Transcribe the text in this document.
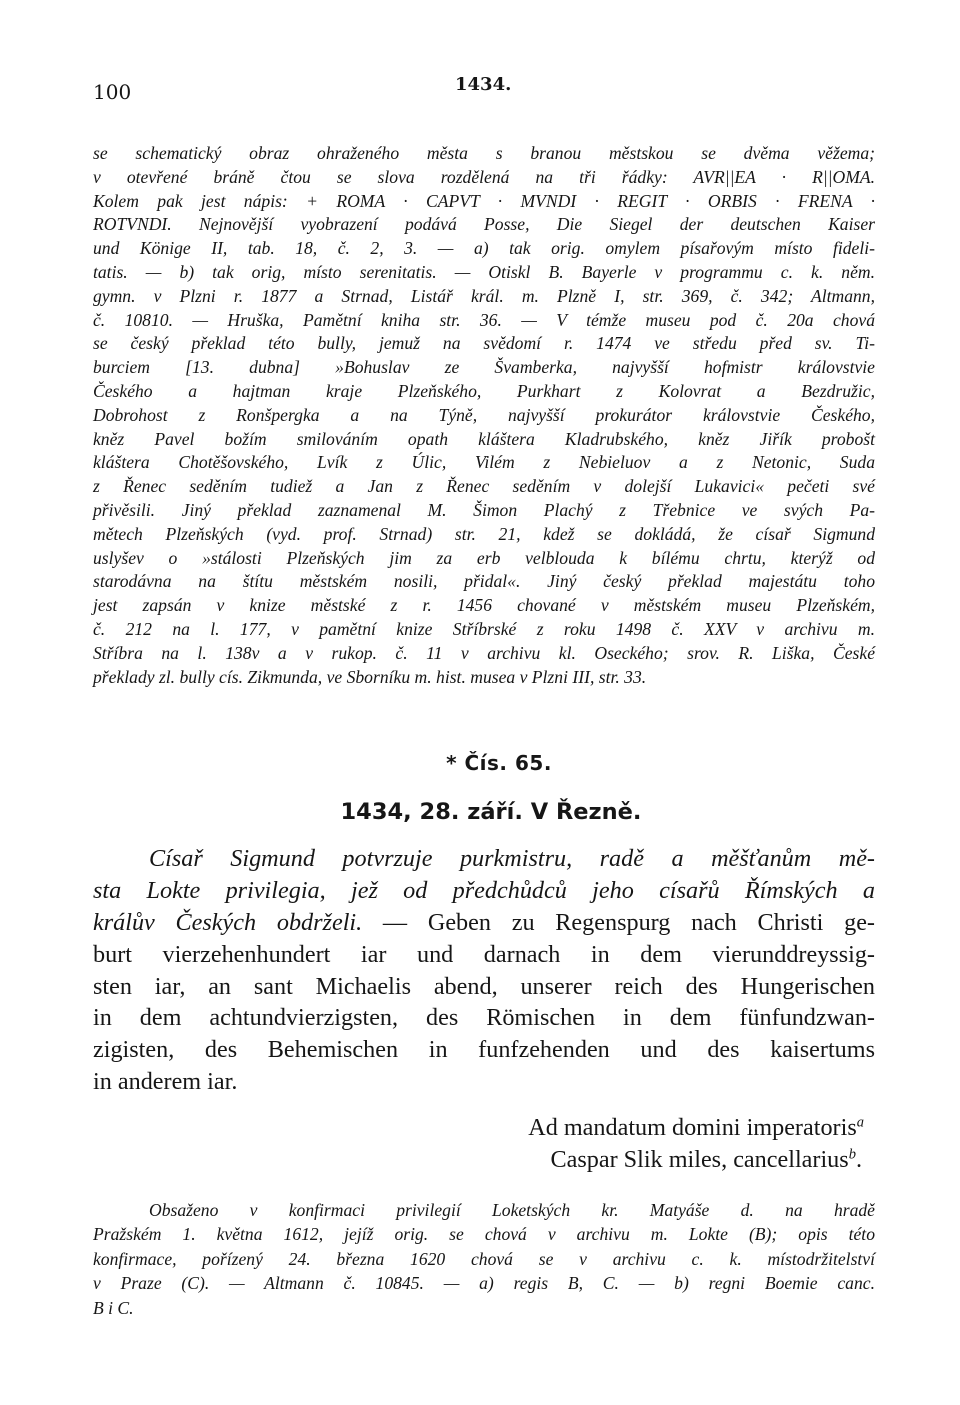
100	1434.
se schematický obraz ohraženého města s branou městskou se dvěma věžema;
v otevřené bráně čtou se slova rozdělená na tři řádky: AVR||EA · R||OMA.
Kolem pak jest nápis: + ROMA · CAPVT · MVNDI · REGIT · ORBIS · FRENA ·
ROTVNDI. Nejnovější vyobrazení podává Posse, Die Siegel der deutschen Kaiser
und Könige II, tab. 18, č. 2, 3. — a) tak orig. omylem písařovým místo fideli-
tatis. — b) tak orig, místo serenitatis. — Otiskl B. Bayerle v programmu c. k. něm.
gymn. v Plzni r. 1877 a Strnad, Listář král. m. Plzně I, str. 369, č. 342; Altmann,
č. 10810. — Hruška, Pamětní kniha str. 36. — V témže museu pod č. 20a chová
se český překlad této bully, jemuž na svědomí r. 1474 ve středu před sv. Ti-
burciem [13. dubna] »Bohuslav ze Švamberka, najvyšší hofmistr královstvie
Českého a hajtman kraje Plzeňského, Purkhart z Kolovrat a Bezdružic,
Dobrohost z Ronšpergka a na Týně, najvyšší prokurátor královstvie Českého,
kněz Pavel božím smilováním opath kláštera Kladrubského, kněz Jiřík probošt
kláštera Chotěšovského, Lvík z Úlic, Vilém z Nebieluov a z Netonic, Suda
z Řenec seděním tudiež a Jan z Řenec seděním v dolejší Lukavici« pečeti své
přivěsili. Jiný překlad zaznamenal M. Šimon Plachý z Třebnice ve svých Pa-
mětech Plzeňských (vyd. prof. Strnad) str. 21, kdež se dokládá, že císař Sigmund
uslyšev o »stálosti Plzeňských jim za erb velblouda k bílému chrtu, kterýž od
starodávna na štítu městském nosili, přidal«. Jiný český překlad majestátu toho
jest zapsán v knize městské z r. 1456 chované v městském museu Plzeňském,
č. 212 na l. 177, v pamětní knize Stříbrské z roku 1498 č. XXV v archivu m.
Stříbra na l. 138v a v rukop. č. 11 v archivu kl. Oseckého; srov. R. Liška, České
překlady zl. bully cís. Zikmunda, ve Sborníku m. hist. musea v Plzni III, str. 33.
* Čís. 65.
1434, 28. září. V Řezně.
Císař Sigmund potvrzuje purkmistru, radě a měšťanům mě-
sta Lokte privilegia, jež od předchůdců jeho císařů Římských a
králův Českých obdrželi. — Geben zu Regenspurg nach Christi ge-
burt vierzehenhundert iar und darnach in dem vierunddreyssig-
sten iar, an sant Michaelis abend, unserer reich des Hungerischen
in dem achtundvierzigsten, des Römischen in dem fünfundzwan-
zigisten, des Behemischen in funfzehenden und des kaisertums
in anderem iar.
Ad mandatum domini imperatoris$^a$
Caspar Slik miles, cancellarius$^b$.
Obsaženo v konfirmaci privilegií Loketských kr. Matyáše d. na hradě
Pražském 1. května 1612, jejíž orig. se chová v archivu m. Lokte (B); opis této
konfirmace, pořízený 24. března 1620 chová se v archivu c. k. místodržitelství
v Praze (C). — Altmann č. 10845. — a) regis B, C. — b) regni Boemie canc.
B i C.
